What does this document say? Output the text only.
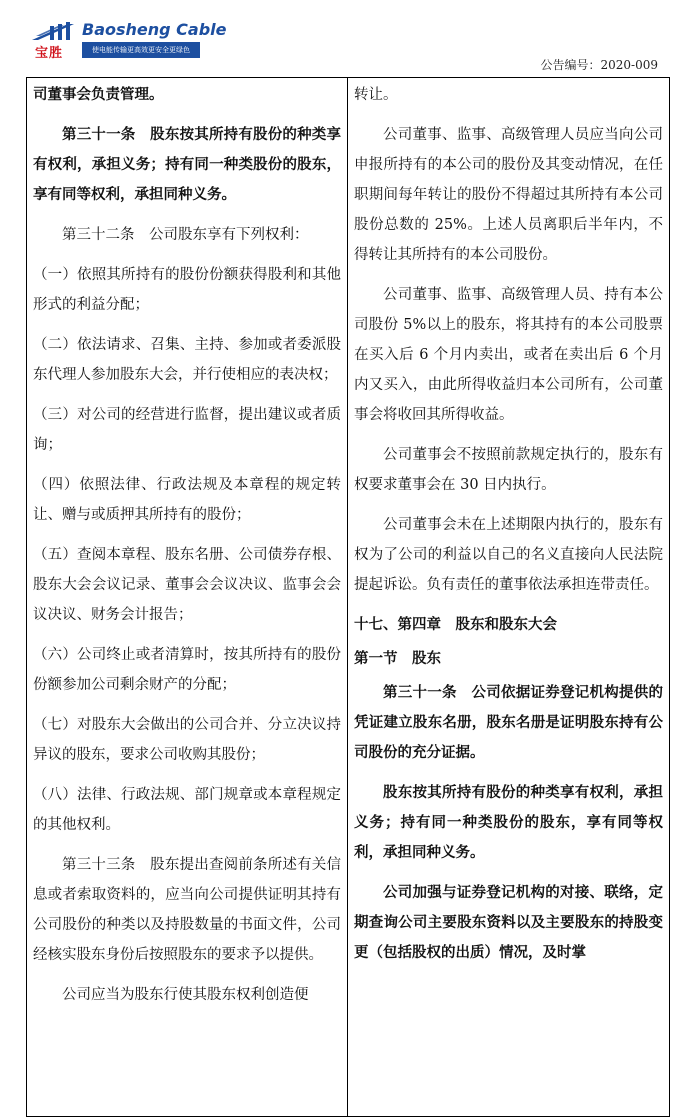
宝胜
Baosheng Cable
使电能传输更高效更安全更绿色
公告编号：2020-009

司董事会负责管理。

第三十一条　股东按其所持有股份的种类享有权利，承担义务；持有同一种类股份的股东，享有同等权利，承担同种义务。

第三十二条　公司股东享有下列权利：

（一）依照其所持有的股份份额获得股利和其他形式的利益分配；

（二）依法请求、召集、主持、参加或者委派股东代理人参加股东大会，并行使相应的表决权；

（三）对公司的经营进行监督，提出建议或者质询；

（四）依照法律、行政法规及本章程的规定转让、赠与或质押其所持有的股份；

（五）查阅本章程、股东名册、公司债券存根、股东大会会议记录、董事会会议决议、监事会会议决议、财务会计报告；

（六）公司终止或者清算时，按其所持有的股份份额参加公司剩余财产的分配；

（七）对股东大会做出的公司合并、分立决议持异议的股东，要求公司收购其股份；

（八）法律、行政法规、部门规章或本章程规定的其他权利。

第三十三条　股东提出查阅前条所述有关信息或者索取资料的，应当向公司提供证明其持有公司股份的种类以及持股数量的书面文件，公司经核实股东身份后按照股东的要求予以提供。

公司应当为股东行使其股东权利创造便

转让。

公司董事、监事、高级管理人员应当向公司申报所持有的本公司的股份及其变动情况，在任职期间每年转让的股份不得超过其所持有本公司股份总数的 25%。上述人员离职后半年内，不得转让其所持有的本公司股份。

公司董事、监事、高级管理人员、持有本公司股份 5%以上的股东，将其持有的本公司股票在买入后 6 个月内卖出，或者在卖出后 6 个月内又买入，由此所得收益归本公司所有，公司董事会将收回其所得收益。

公司董事会不按照前款规定执行的，股东有权要求董事会在 30 日内执行。

公司董事会未在上述期限内执行的，股东有权为了公司的利益以自己的名义直接向人民法院提起诉讼。负有责任的董事依法承担连带责任。

十七、第四章　股东和股东大会

第一节　股东

第三十一条　公司依据证券登记机构提供的凭证建立股东名册，股东名册是证明股东持有公司股份的充分证据。

股东按其所持有股份的种类享有权利，承担义务；持有同一种类股份的股东，享有同等权利，承担同种义务。

公司加强与证券登记机构的对接、联络，定期查询公司主要股东资料以及主要股东的持股变更（包括股权的出质）情况，及时掌
